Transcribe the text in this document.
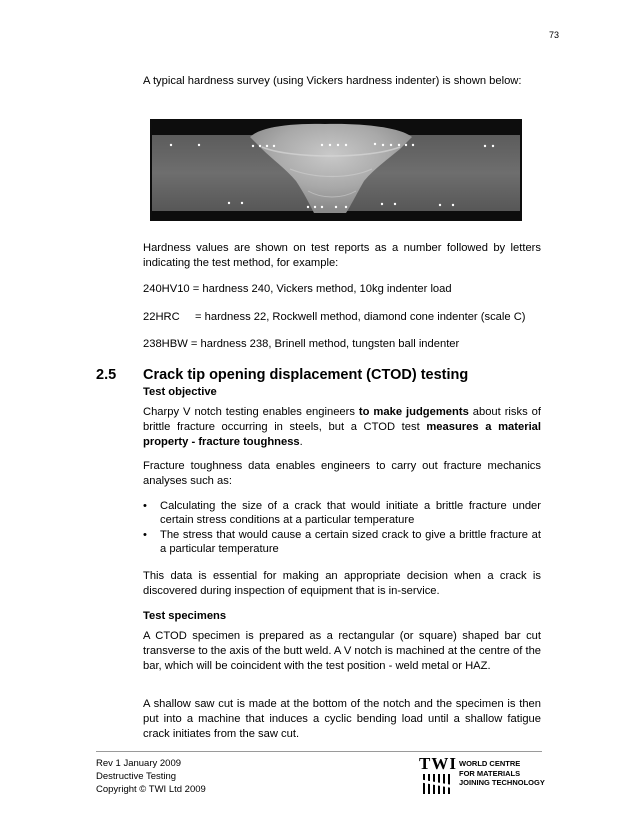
73
A typical hardness survey (using Vickers hardness indenter) is shown below:
Hardness values are shown on test reports as a number followed by letters indicating the test method, for example:
240HV10 = hardness 240, Vickers method, 10kg indenter load
22HRC = hardness 22, Rockwell method, diamond cone indenter (scale C)
238HBW = hardness 238, Brinell method, tungsten ball indenter
2.5 Crack tip opening displacement (CTOD) testing
Test objective
Charpy V notch testing enables engineers to make judgements about risks of brittle fracture occurring in steels, but a CTOD test measures a material property - fracture toughness.
Fracture toughness data enables engineers to carry out fracture mechanics analyses such as:
•	Calculating the size of a crack that would initiate a brittle fracture under certain stress conditions at a particular temperature
•	The stress that would cause a certain sized crack to give a brittle fracture at a particular temperature
This data is essential for making an appropriate decision when a crack is discovered during inspection of equipment that is in-service.
Test specimens
A CTOD specimen is prepared as a rectangular (or square) shaped bar cut transverse to the axis of the butt weld. A V notch is machined at the centre of the bar, which will be coincident with the test position - weld metal or HAZ.
A shallow saw cut is made at the bottom of the notch and the specimen is then put into a machine that induces a cyclic bending load until a shallow fatigue crack initiates from the saw cut.
Rev 1 January 2009
Destructive Testing
Copyright © TWI Ltd 2009
TWI WORLD CENTRE
FOR MATERIALS
JOINING TECHNOLOGY
